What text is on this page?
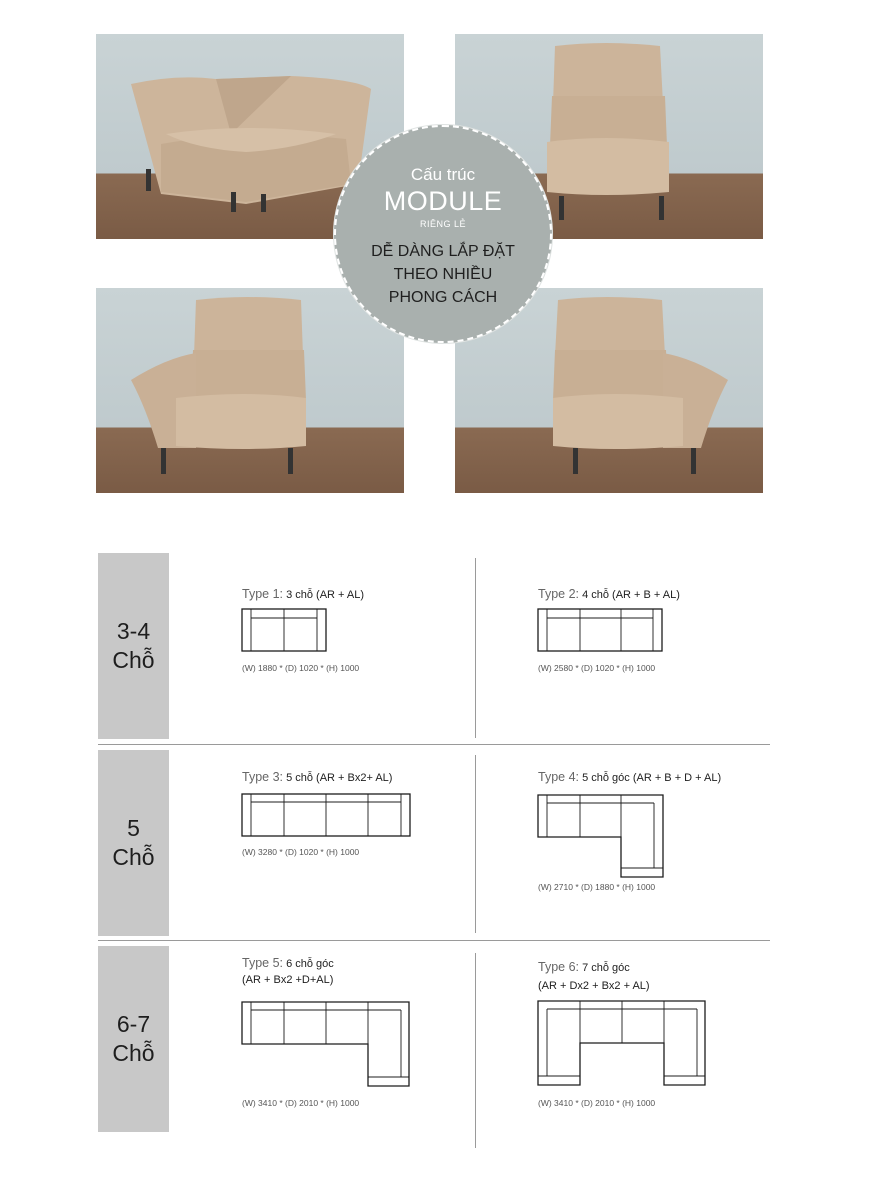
Cấu trúc
MODULE
RIÊNG LẺ
DỄ DÀNG LẮP ĐẶT
THEO NHIỀU
PHONG CÁCH
3-4
Chỗ
5
Chỗ
6-7
Chỗ
Type 1: 3 chỗ (AR + AL)
(W) 1880 * (D) 1020 * (H) 1000
Type 2: 4 chỗ (AR + B + AL)
(W) 2580 * (D) 1020 * (H) 1000
Type 3: 5 chỗ (AR + Bx2+ AL)
(W) 3280 * (D) 1020 * (H) 1000
Type 4: 5 chỗ góc (AR + B + D + AL)
(W) 2710 * (D) 1880 * (H) 1000
Type 5: 6 chỗ góc
(AR + Bx2 +D+AL)
(W) 3410 * (D) 2010 * (H) 1000
Type 6: 7 chỗ góc
(AR + Dx2 + Bx2 + AL)
(W) 3410 * (D) 2010 * (H) 1000
